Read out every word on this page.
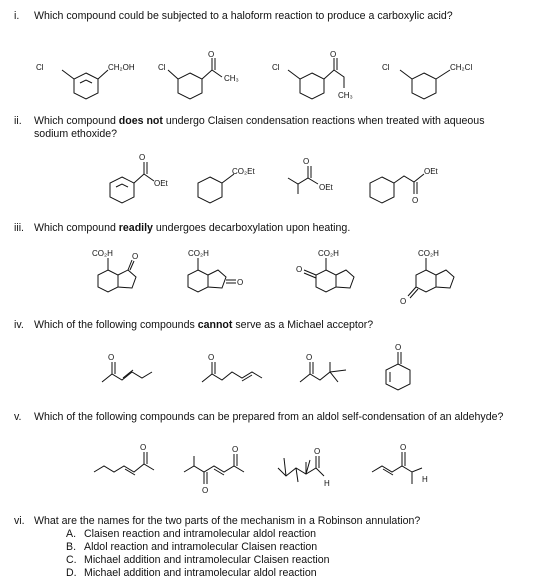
i. Which compound could be subjected to a haloform reaction to produce a carboxylic acid?
Cl	CH₂OH	Cl
O
CH₃
Cl
O
CH₃
Cl	CH₂Cl
ii. Which compound does not undergo Claisen condensation reactions when treated with aqueous sodium ethoxide?
O
OEt
CO₂Et
O
OEt
OEt
O
iii. Which compound readily undergoes decarboxylation upon heating.
CO₂H O	CO₂H
O
CO₂H
O
CO₂H
O
iv. Which of the following compounds cannot serve as a Michael acceptor?
O	O	O
O
v. Which of the following compounds can be prepared from an aldol self-condensation of an aldehyde?
O
O
O	O
H
O
H
vi. What are the names for the two parts of the mechanism in a Robinson annulation?
A. Claisen reaction and intramolecular aldol reaction
B. Aldol reaction and intramolecular Claisen reaction
C. Michael addition and intramolecular Claisen reaction
D. Michael addition and intramolecular aldol reaction
